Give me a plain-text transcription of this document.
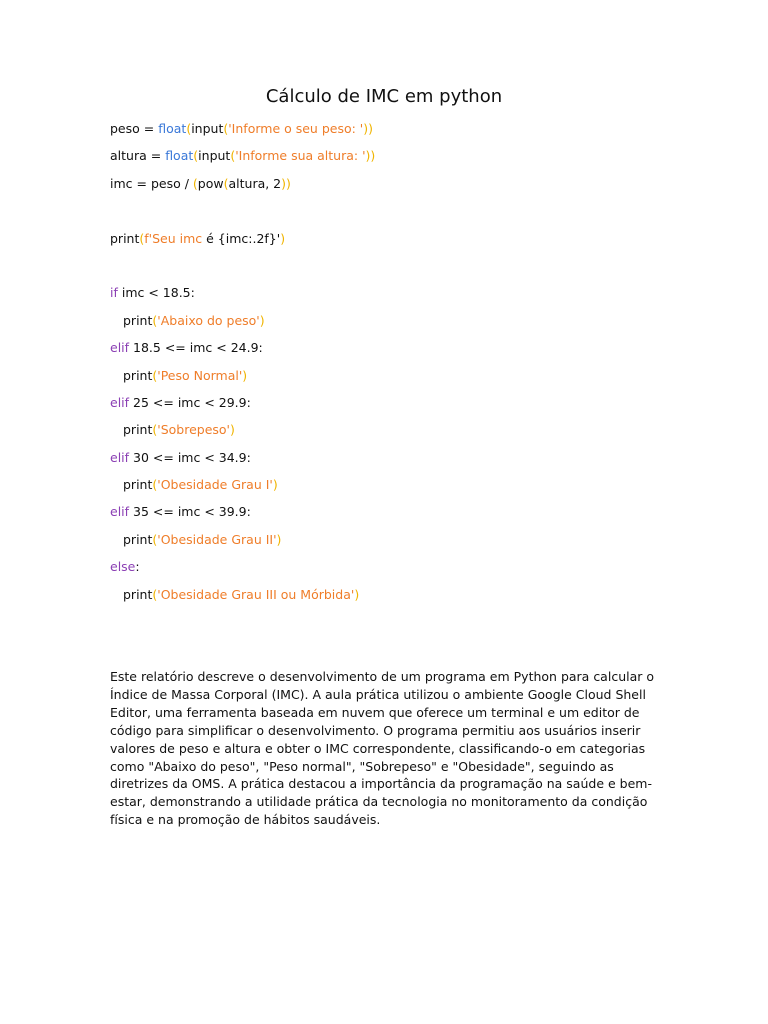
Cálculo de IMC em python
peso = float(input('Informe o seu peso: '))
altura = float(input('Informe sua altura: '))
imc = peso / (pow(altura, 2))
print(f'Seu imc é {imc:.2f}')
if imc < 18.5:
print('Abaixo do peso')
elif 18.5 <= imc < 24.9:
print('Peso Normal')
elif 25 <= imc < 29.9:
print('Sobrepeso')
elif 30 <= imc < 34.9:
print('Obesidade Grau I')
elif 35 <= imc < 39.9:
print('Obesidade Grau II')
else:
print('Obesidade Grau III ou Mórbida')
Este relatório descreve o desenvolvimento de um programa em Python para calcular o Índice de Massa Corporal (IMC). A aula prática utilizou o ambiente Google Cloud Shell Editor, uma ferramenta baseada em nuvem que oferece um terminal e um editor de código para simplificar o desenvolvimento. O programa permitiu aos usuários inserir valores de peso e altura e obter o IMC correspondente, classificando-o em categorias como "Abaixo do peso", "Peso normal", "Sobrepeso" e "Obesidade", seguindo as diretrizes da OMS. A prática destacou a importância da programação na saúde e bem-estar, demonstrando a utilidade prática da tecnologia no monitoramento da condição física e na promoção de hábitos saudáveis.
